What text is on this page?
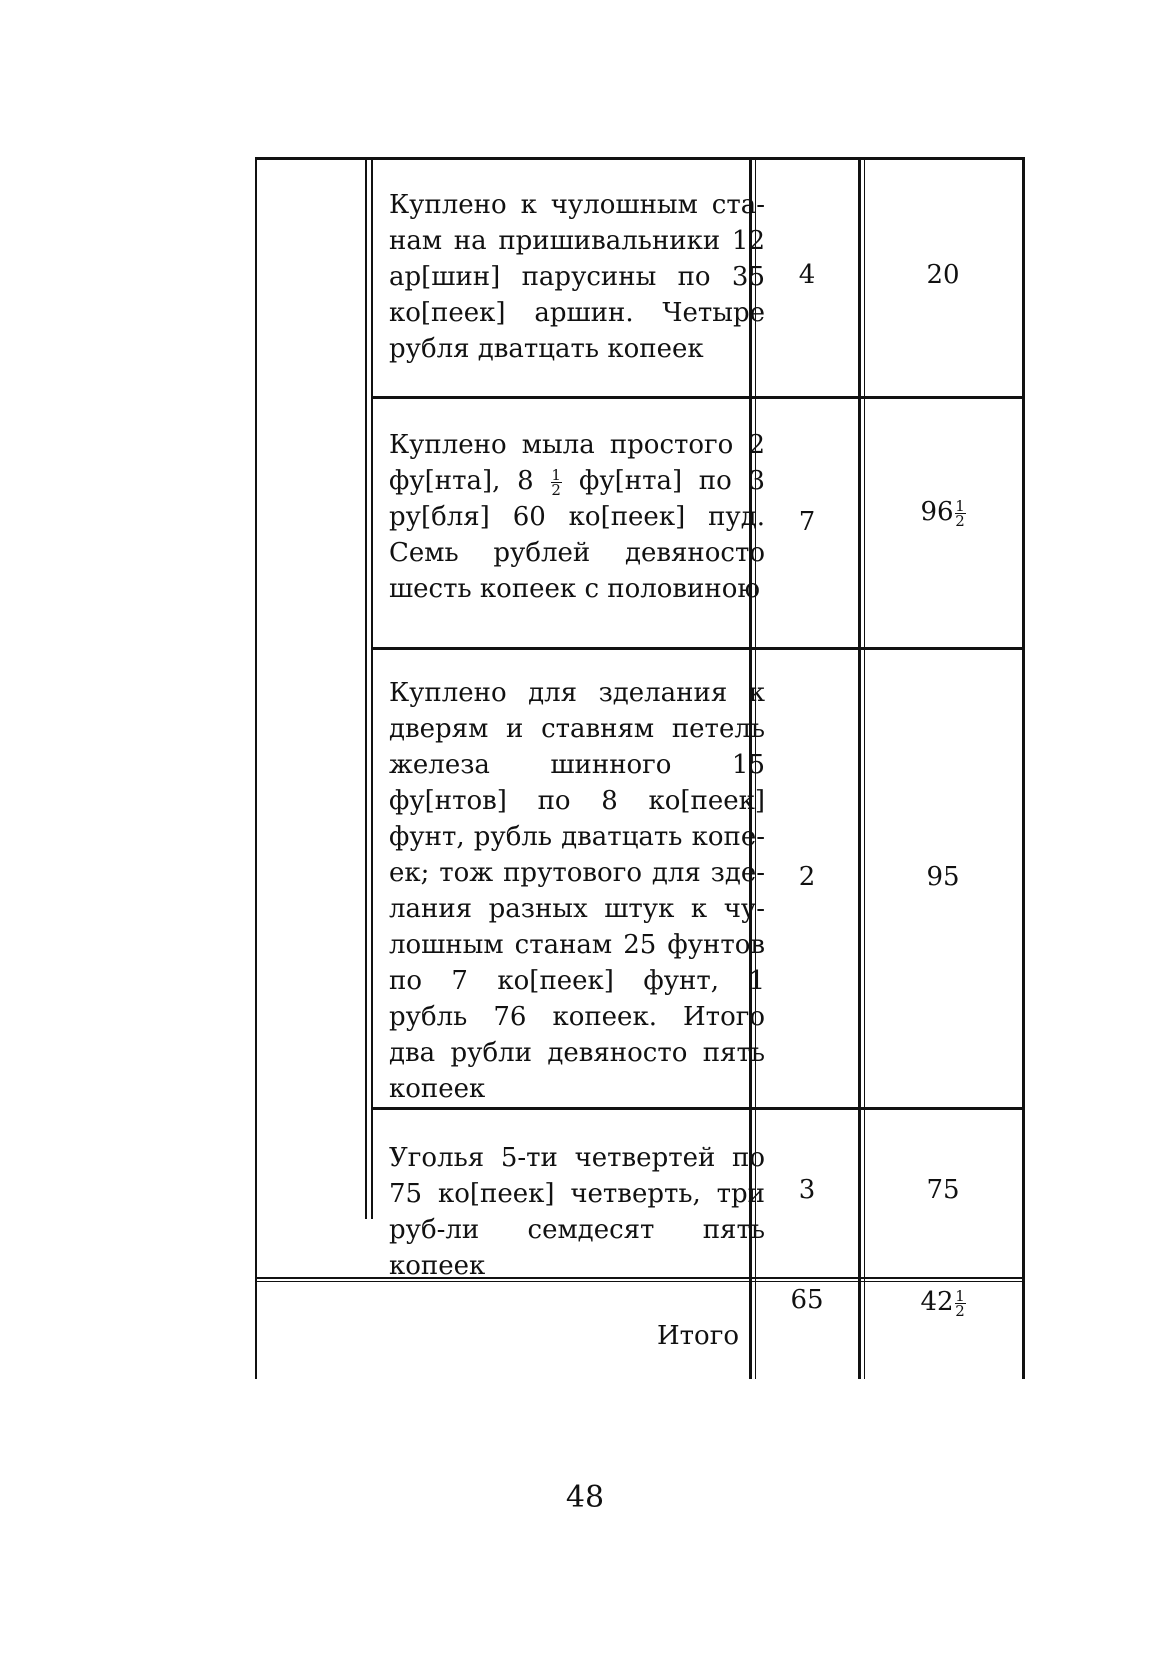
Куплено к чулошным ста-нам на пришивальники 12 ар[шин] парусины по 35 ко[пеек] аршин. Четыре рубля дватцать копеек
4	20
Куплено мыла простого 2 фу[нта], $8 \frac{1}{2} фу[нта]$ по 3 ру[бля] 60 ко[пеек] пуд. Семь рублей девяносто шесть копеек с половиною
7	$96 \frac{1}{2}$
Куплено для зделания к дверям и ставням петель железа шинного 15 фу[нтов] по 8 ко[пеек] фунт, рубль дватцать копе-ек; тож прутового для зде-лания разных штук к чу-лошным станам 25 фунтов по 7 ко[пеек] фунт, 1 рубль 76 копеек. Итого два рубли девяносто пять копеек
2	95
Уголья 5-ти четвертей по 75 ко[пеек] четверть, три руб-ли семдесят пять копеек
3	75
Итого
65	$42 \frac{1}{2}$
48
